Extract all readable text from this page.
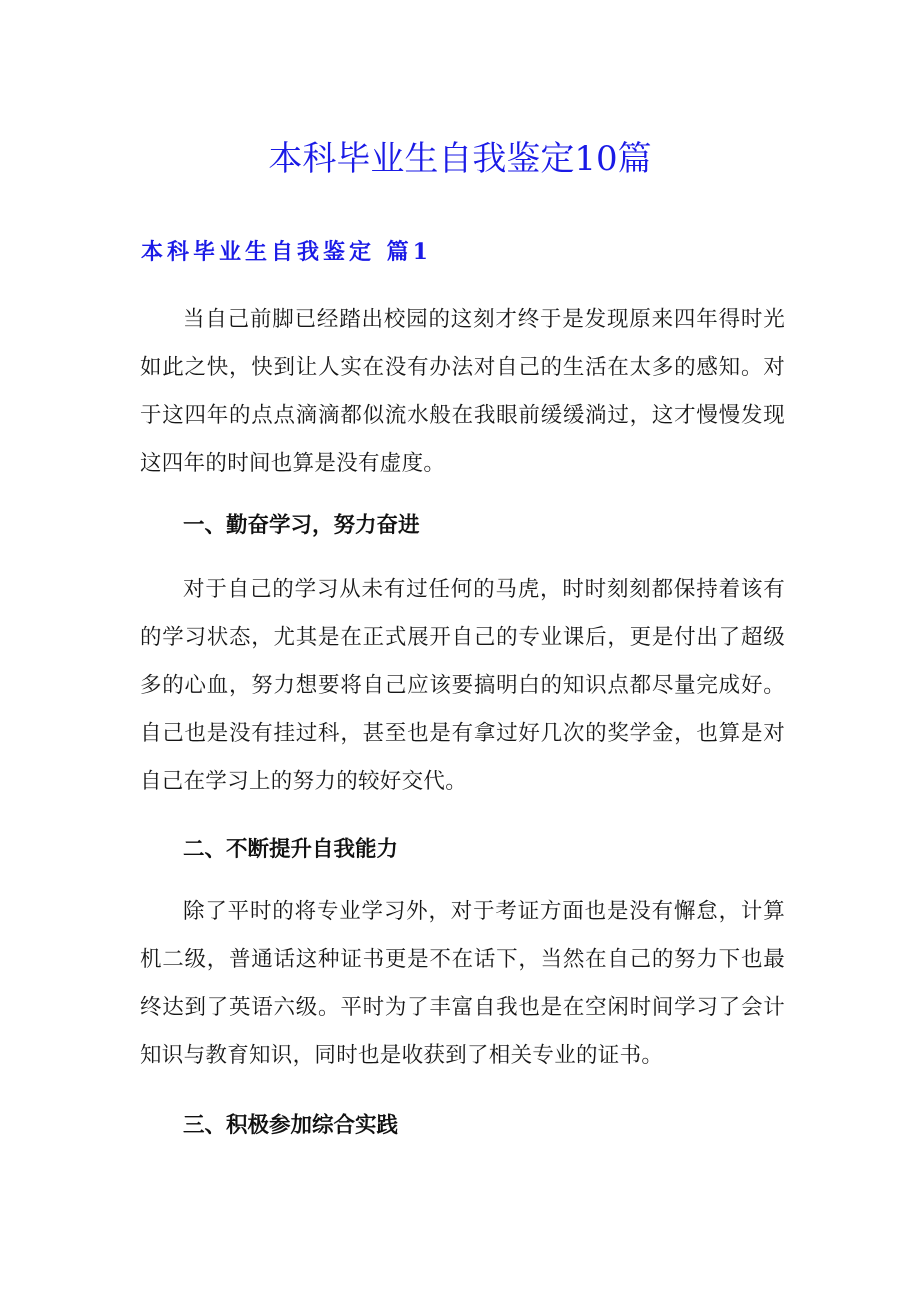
本科毕业生自我鉴定10篇
本科毕业生自我鉴定 篇1

当自己前脚已经踏出校园的这刻才终于是发现原来四年得时光如此之快，快到让人实在没有办法对自己的生活在太多的感知。对于这四年的点点滴滴都似流水般在我眼前缓缓淌过，这才慢慢发现这四年的时间也算是没有虚度。

一、勤奋学习，努力奋进

对于自己的学习从未有过任何的马虎，时时刻刻都保持着该有的学习状态，尤其是在正式展开自己的专业课后，更是付出了超级多的心血，努力想要将自己应该要搞明白的知识点都尽量完成好。自己也是没有挂过科，甚至也是有拿过好几次的奖学金，也算是对自己在学习上的努力的较好交代。

二、不断提升自我能力

除了平时的将专业学习外，对于考证方面也是没有懈怠，计算机二级，普通话这种证书更是不在话下，当然在自己的努力下也最终达到了英语六级。平时为了丰富自我也是在空闲时间学习了会计知识与教育知识，同时也是收获到了相关专业的证书。

三、积极参加综合实践
